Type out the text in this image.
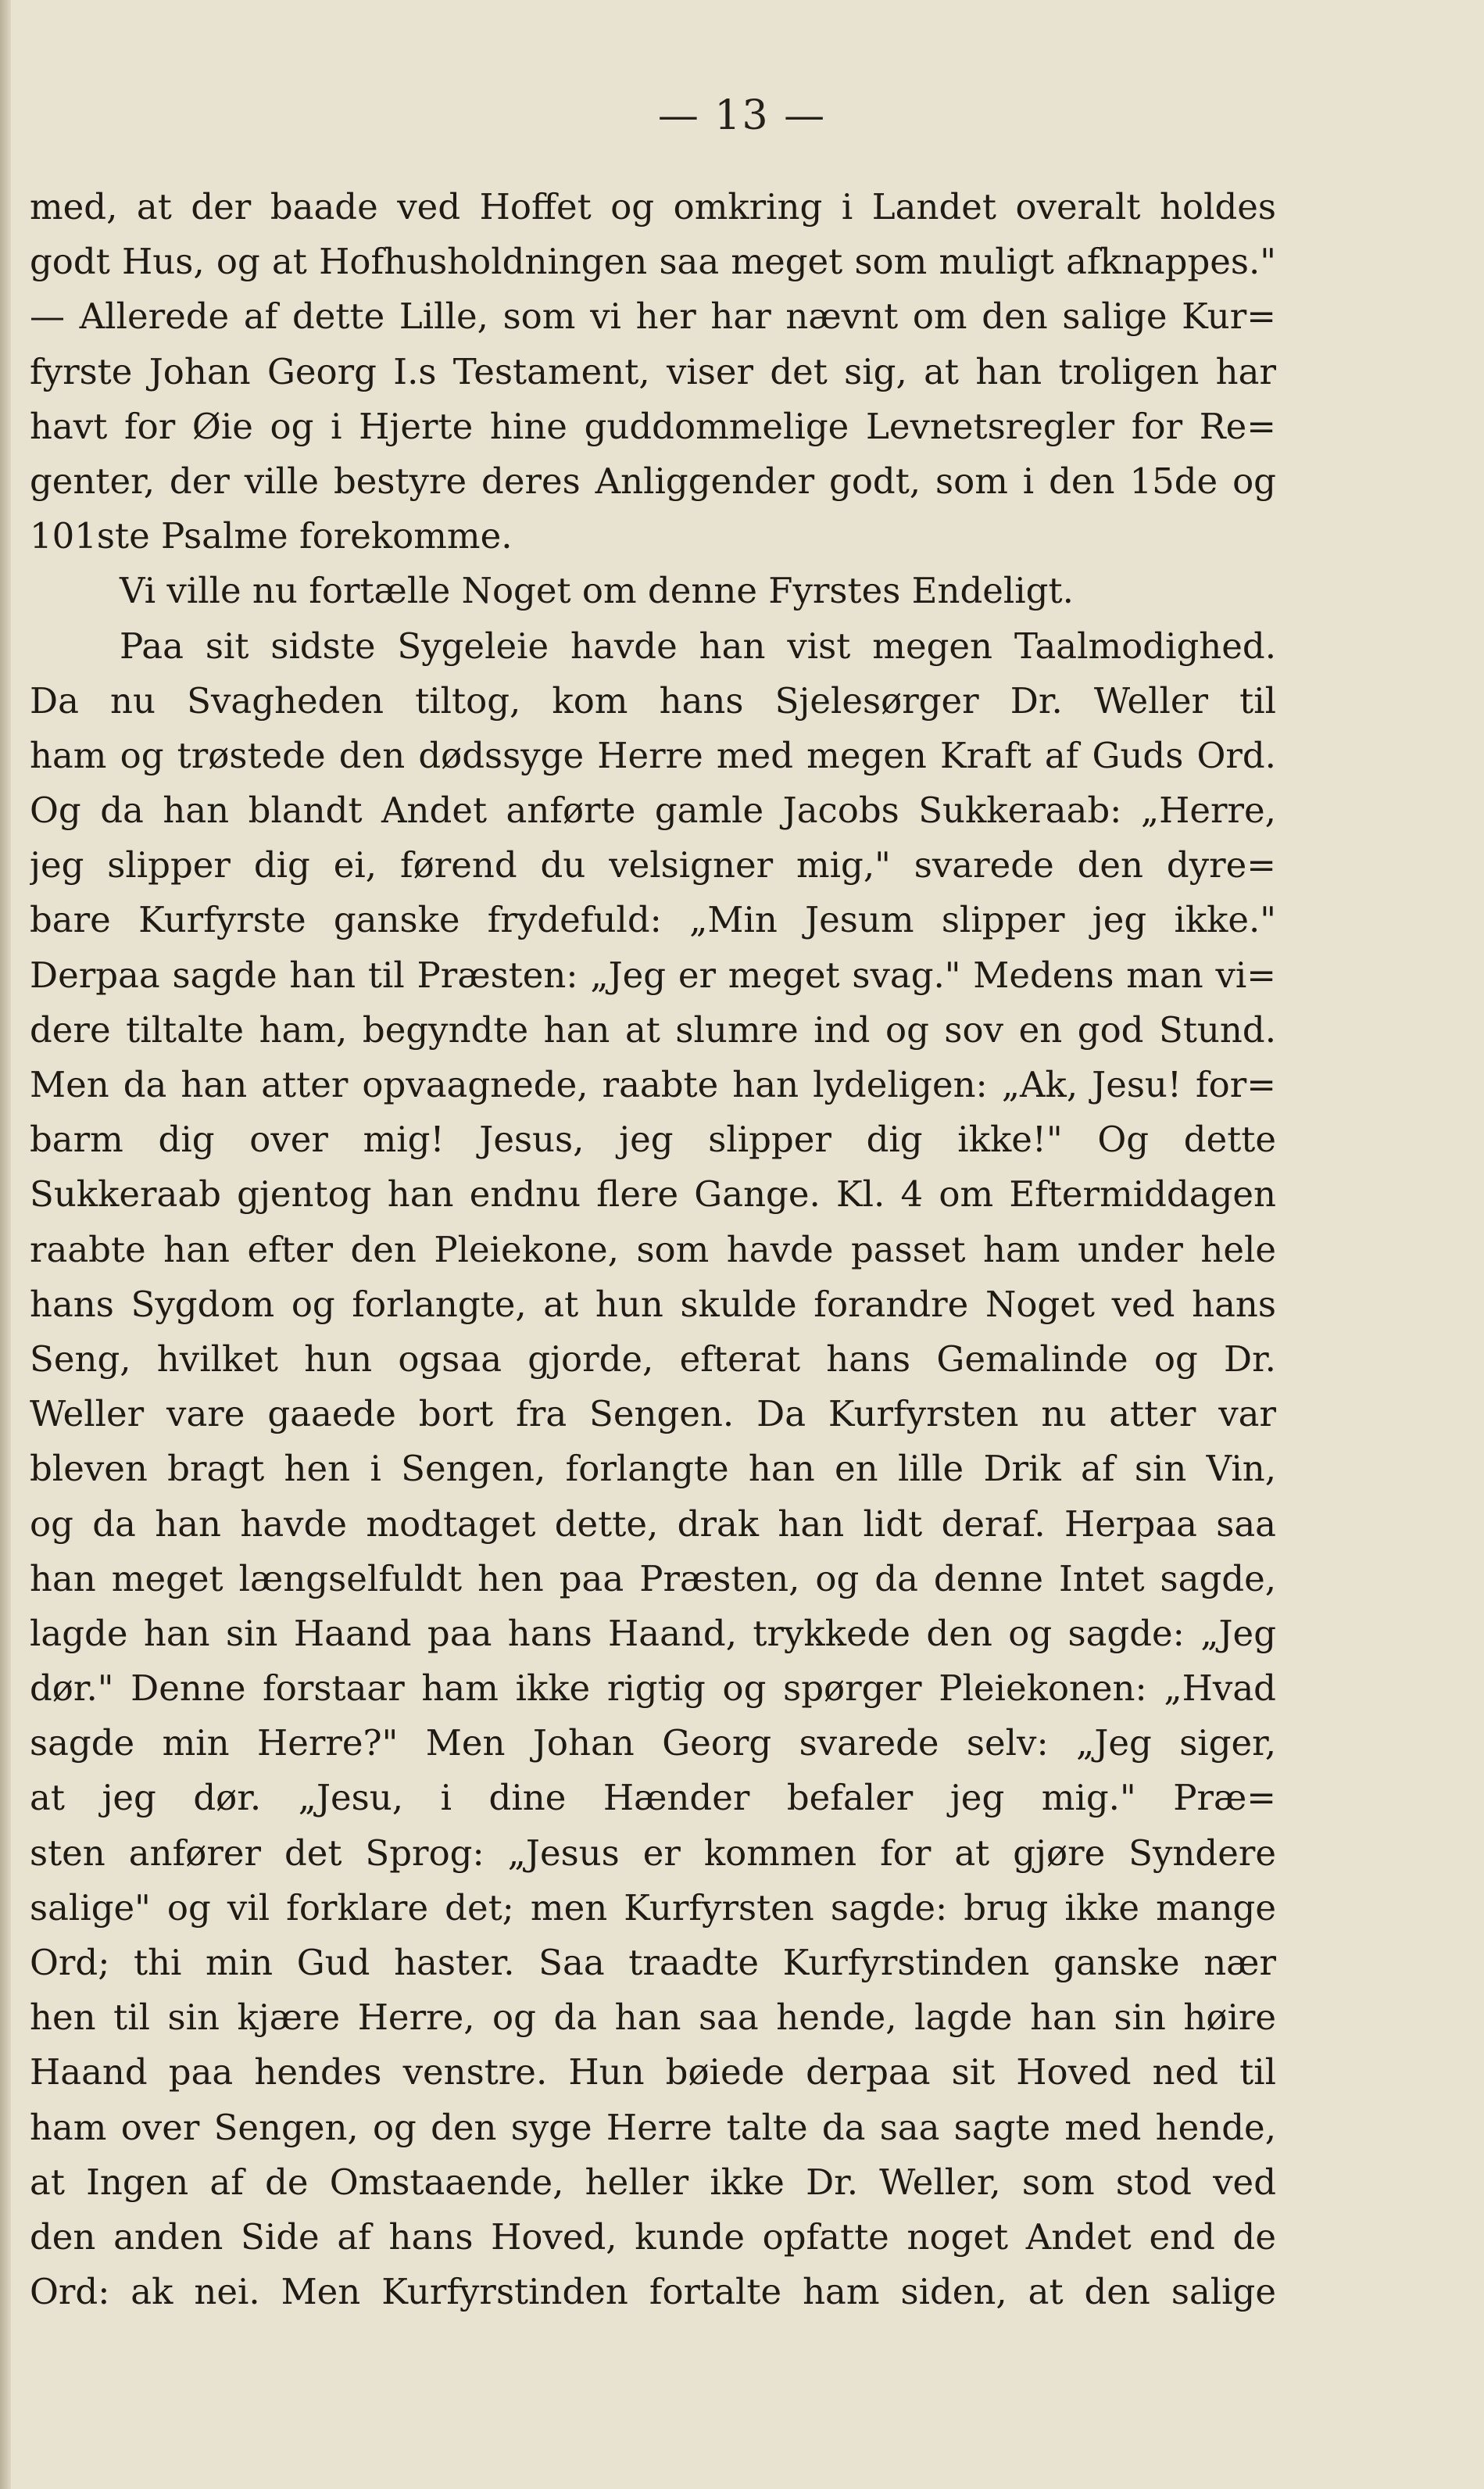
— 13 —
med, at der baade ved Hoffet og omkring i Landet overalt holdes
godt Hus, og at Hofhusholdningen saa meget som muligt afknappes."
— Allerede af dette Lille, som vi her har nævnt om den salige Kur=
fyrste Johan Georg I.s Testament, viser det sig, at han troligen har
havt for Øie og i Hjerte hine guddommelige Levnetsregler for Re=
genter, der ville bestyre deres Anliggender godt, som i den 15de og
101ste Psalme forekomme.
Vi ville nu fortælle Noget om denne Fyrstes Endeligt.
Paa sit sidste Sygeleie havde han vist megen Taalmodighed.
Da nu Svagheden tiltog, kom hans Sjelesørger Dr. Weller til
ham og trøstede den dødssyge Herre med megen Kraft af Guds Ord.
Og da han blandt Andet anførte gamle Jacobs Sukkeraab: „Herre,
jeg slipper dig ei, førend du velsigner mig," svarede den dyre=
bare Kurfyrste ganske frydefuld: „Min Jesum slipper jeg ikke."
Derpaa sagde han til Præsten: „Jeg er meget svag." Medens man vi=
dere tiltalte ham, begyndte han at slumre ind og sov en god Stund.
Men da han atter opvaagnede, raabte han lydeligen: „Ak, Jesu! for=
barm dig over mig! Jesus, jeg slipper dig ikke!" Og dette
Sukkeraab gjentog han endnu flere Gange. Kl. 4 om Eftermiddagen
raabte han efter den Pleiekone, som havde passet ham under hele
hans Sygdom og forlangte, at hun skulde forandre Noget ved hans
Seng, hvilket hun ogsaa gjorde, efterat hans Gemalinde og Dr.
Weller vare gaaede bort fra Sengen. Da Kurfyrsten nu atter var
bleven bragt hen i Sengen, forlangte han en lille Drik af sin Vin,
og da han havde modtaget dette, drak han lidt deraf. Herpaa saa
han meget længselfuldt hen paa Præsten, og da denne Intet sagde,
lagde han sin Haand paa hans Haand, trykkede den og sagde: „Jeg
dør." Denne forstaar ham ikke rigtig og spørger Pleiekonen: „Hvad
sagde min Herre?" Men Johan Georg svarede selv: „Jeg siger,
at jeg dør. „Jesu, i dine Hænder befaler jeg mig." Præ=
sten anfører det Sprog: „Jesus er kommen for at gjøre Syndere
salige" og vil forklare det; men Kurfyrsten sagde: brug ikke mange
Ord; thi min Gud haster. Saa traadte Kurfyrstinden ganske nær
hen til sin kjære Herre, og da han saa hende, lagde han sin høire
Haand paa hendes venstre. Hun bøiede derpaa sit Hoved ned til
ham over Sengen, og den syge Herre talte da saa sagte med hende,
at Ingen af de Omstaaende, heller ikke Dr. Weller, som stod ved
den anden Side af hans Hoved, kunde opfatte noget Andet end de
Ord: ak nei. Men Kurfyrstinden fortalte ham siden, at den salige
